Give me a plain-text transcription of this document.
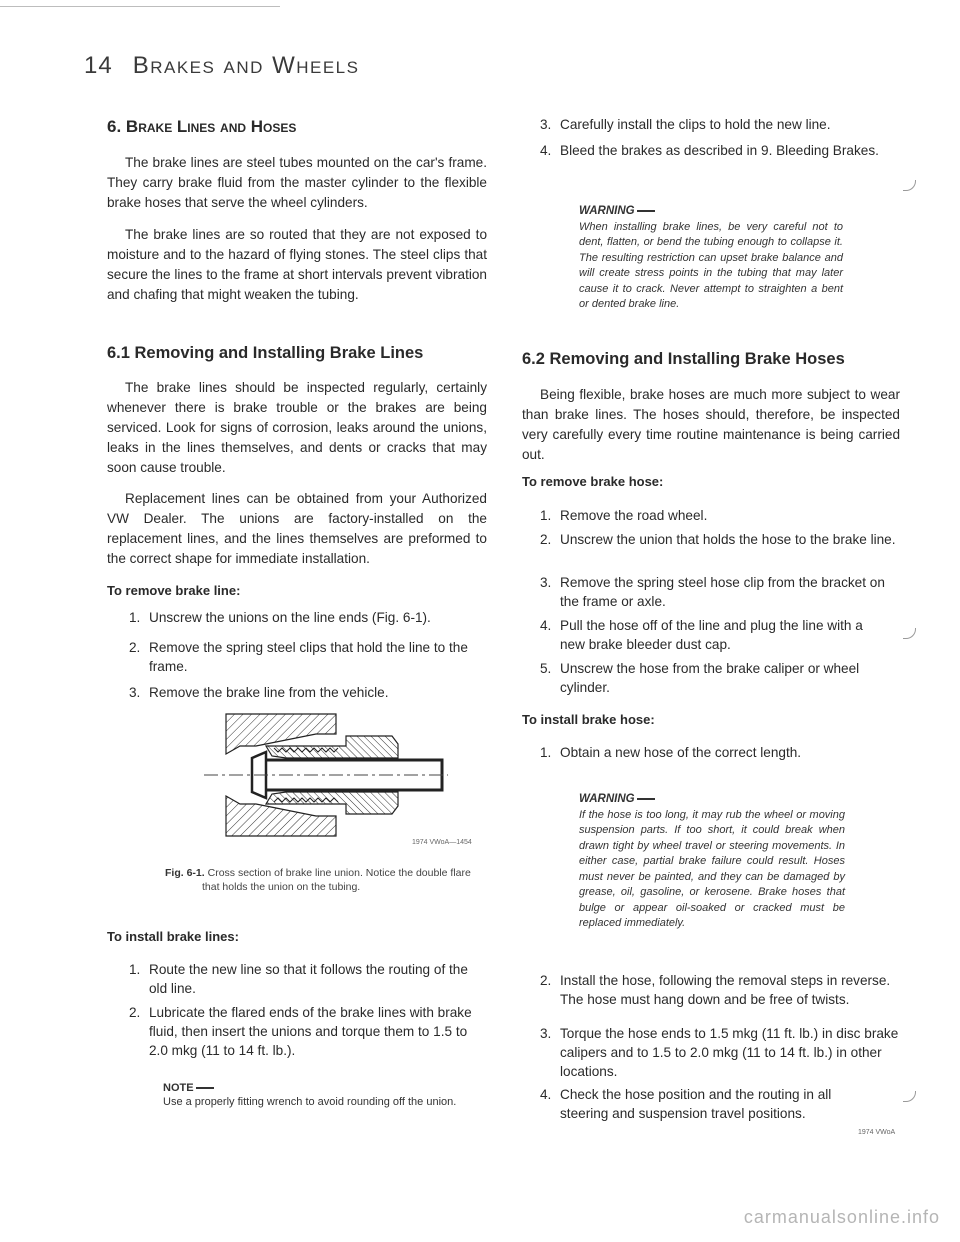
14 Brakes and Wheels
6. Brake Lines and Hoses

The brake lines are steel tubes mounted on the car's frame. They carry brake fluid from the master cylinder to the flexible brake hoses that serve the wheel cylinders.

The brake lines are so routed that they are not exposed to moisture and to the hazard of flying stones. The steel clips that secure the lines to the frame at short intervals prevent vibration and chafing that might weaken the tubing.

6.1 Removing and Installing Brake Lines

The brake lines should be inspected regularly, certainly whenever there is brake trouble or the brakes are being serviced. Look for signs of corrosion, leaks around the unions, leaks in the lines themselves, and dents or cracks that may soon cause trouble.

Replacement lines can be obtained from your Authorized VW Dealer. The unions are factory-installed on the replacement lines, and the lines themselves are preformed to the correct shape for immediate installation.

To remove brake line:
1. Unscrew the unions on the line ends (Fig. 6-1).
2. Remove the spring steel clips that hold the line to the frame.
3. Remove the brake line from the vehicle.
1974 VWoA—1454
Fig. 6-1. Cross section of brake line union. Notice the double flare that holds the union on the tubing.
To install brake lines:
1. Route the new line so that it follows the routing of the old line.
2. Lubricate the flared ends of the brake lines with brake fluid, then insert the unions and torque them to 1.5 to 2.0 mkg (11 to 14 ft. lb.).
NOTE
Use a properly fitting wrench to avoid rounding off the union.
3. Carefully install the clips to hold the new line.
4. Bleed the brakes as described in 9. Bleeding Brakes.
WARNING
When installing brake lines, be very careful not to dent, flatten, or bend the tubing enough to collapse it. The resulting restriction can upset brake balance and will create stress points in the tubing that may later cause it to crack. Never attempt to straighten a bent or dented brake line.
6.2 Removing and Installing Brake Hoses

Being flexible, brake hoses are much more subject to wear than brake lines. The hoses should, therefore, be inspected very carefully every time routine maintenance is being carried out.

To remove brake hose:
1. Remove the road wheel.
2. Unscrew the union that holds the hose to the brake line.
3. Remove the spring steel hose clip from the bracket on the frame or axle.
4. Pull the hose off of the line and plug the line with a new brake bleeder dust cap.
5. Unscrew the hose from the brake caliper or wheel cylinder.
To install brake hose:
1. Obtain a new hose of the correct length.
WARNING
If the hose is too long, it may rub the wheel or moving suspension parts. If too short, it could break when drawn tight by wheel travel or steering movements. In either case, partial brake failure could result. Hoses must never be painted, and they can be damaged by grease, oil, gasoline, or kerosene. Brake hoses that bulge or appear oil-soaked or cracked must be replaced immediately.
2. Install the hose, following the removal steps in reverse. The hose must hang down and be free of twists.
3. Torque the hose ends to 1.5 mkg (11 ft. lb.) in disc brake calipers and to 1.5 to 2.0 mkg (11 to 14 ft. lb.) in other locations.
4. Check the hose position and the routing in all steering and suspension travel positions.
1974 VWoA
carmanualsonline.info
